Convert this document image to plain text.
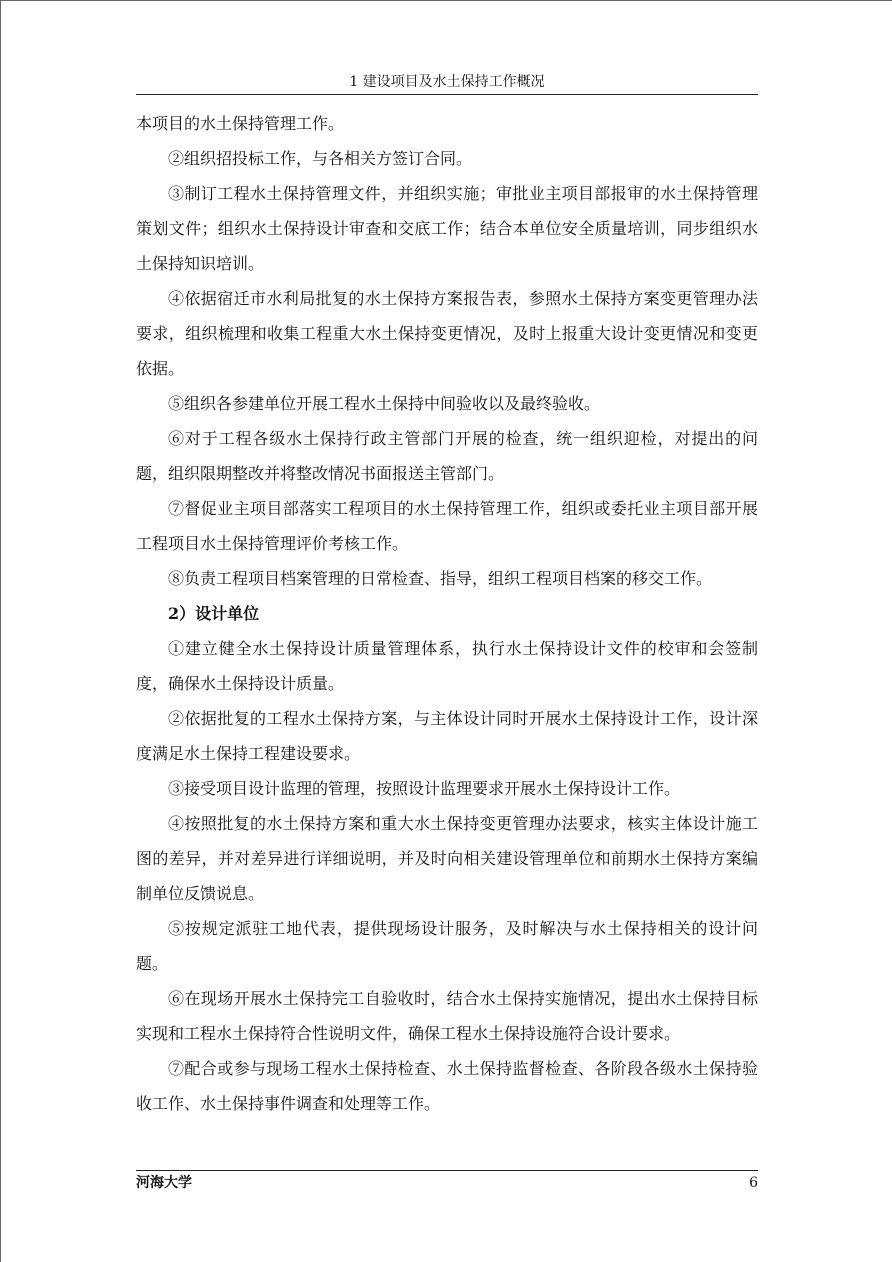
1 建设项目及水土保持工作概况

本项目的水土保持管理工作。

②组织招投标工作，与各相关方签订合同。

③制订工程水土保持管理文件，并组织实施；审批业主项目部报审的水土保持管理策划文件；组织水土保持设计审查和交底工作；结合本单位安全质量培训，同步组织水土保持知识培训。

④依据宿迁市水利局批复的水土保持方案报告表，参照水土保持方案变更管理办法要求，组织梳理和收集工程重大水土保持变更情况，及时上报重大设计变更情况和变更依据。

⑤组织各参建单位开展工程水土保持中间验收以及最终验收。

⑥对于工程各级水土保持行政主管部门开展的检查，统一组织迎检，对提出的问题，组织限期整改并将整改情况书面报送主管部门。

⑦督促业主项目部落实工程项目的水土保持管理工作，组织或委托业主项目部开展工程项目水土保持管理评价考核工作。

⑧负责工程项目档案管理的日常检查、指导，组织工程项目档案的移交工作。

2）设计单位

①建立健全水土保持设计质量管理体系，执行水土保持设计文件的校审和会签制度，确保水土保持设计质量。

②依据批复的工程水土保持方案，与主体设计同时开展水土保持设计工作，设计深度满足水土保持工程建设要求。

③接受项目设计监理的管理，按照设计监理要求开展水土保持设计工作。

④按照批复的水土保持方案和重大水土保持变更管理办法要求，核实主体设计施工图的差异，并对差异进行详细说明，并及时向相关建设管理单位和前期水土保持方案编制单位反馈说息。

⑤按规定派驻工地代表，提供现场设计服务，及时解决与水土保持相关的设计问题。

⑥在现场开展水土保持完工自验收时，结合水土保持实施情况，提出水土保持目标实现和工程水土保持符合性说明文件，确保工程水土保持设施符合设计要求。

⑦配合或参与现场工程水土保持检查、水土保持监督检查、各阶段各级水土保持验收工作、水土保持事件调查和处理等工作。

河海大学	6
